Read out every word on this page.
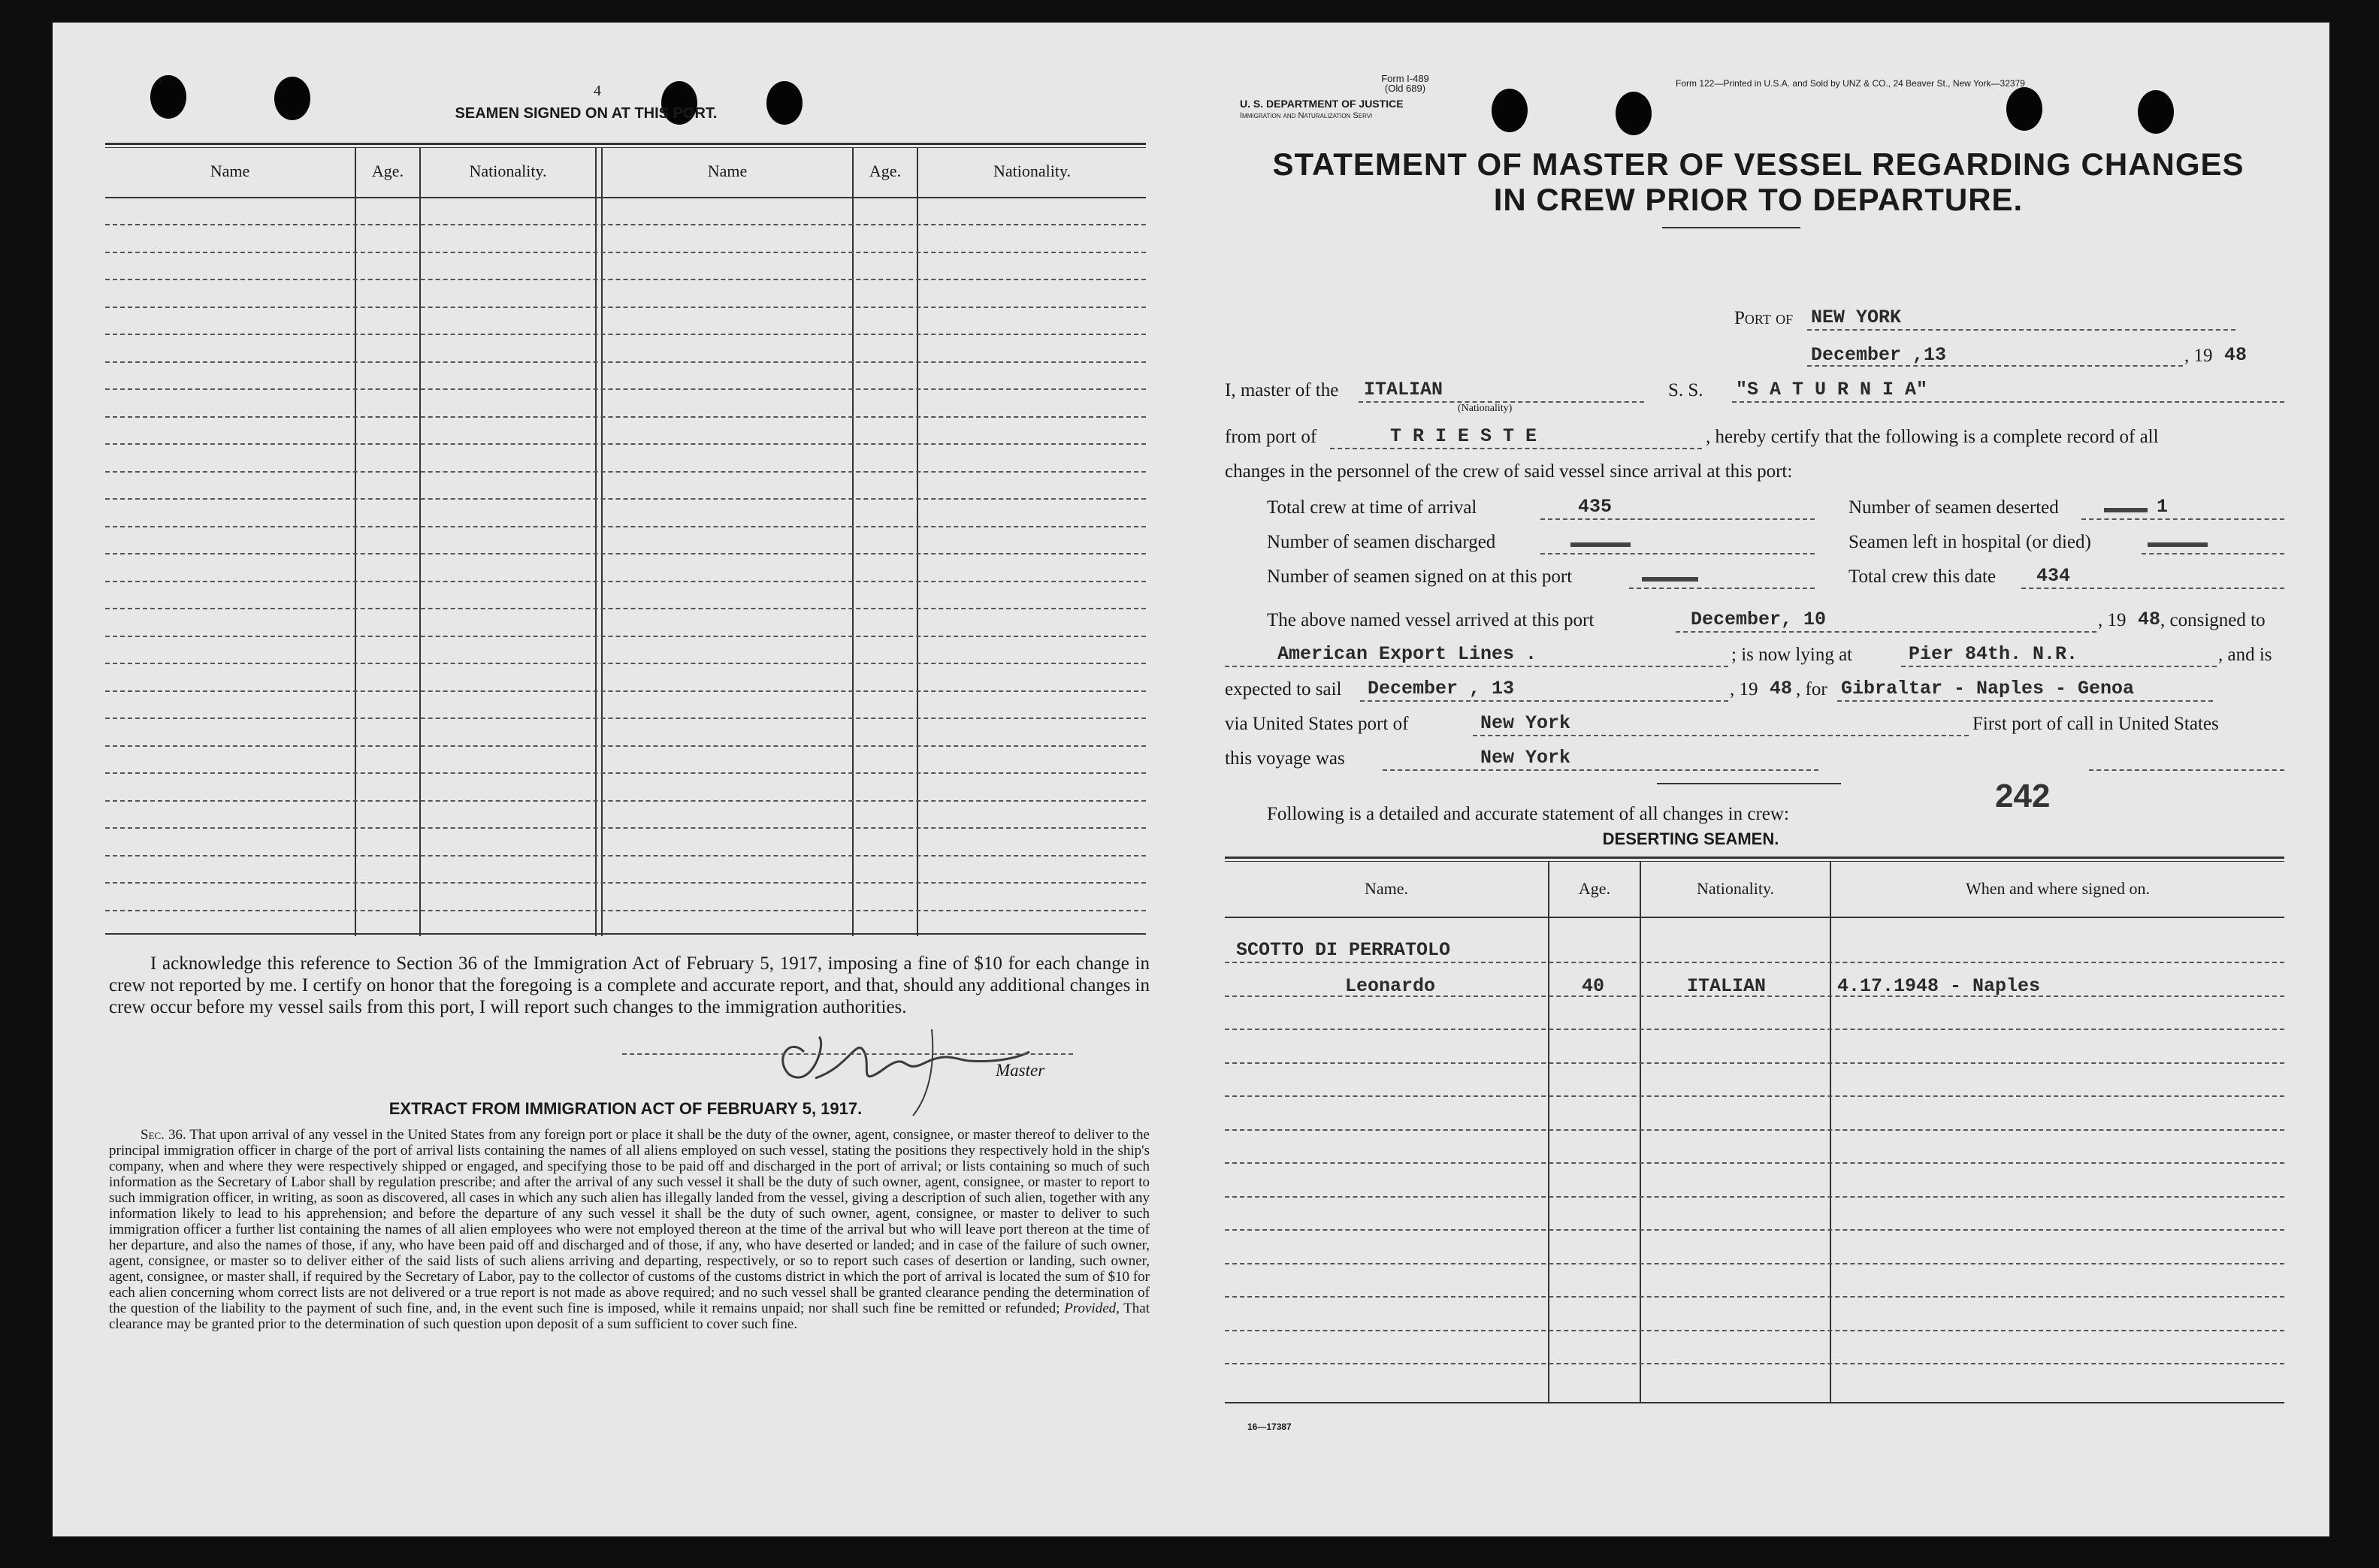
4
SEAMEN SIGNED ON AT THIS PORT.
Name	Age.	Nationality.	Name	Age.	Nationality.
I acknowledge this reference to Section 36 of the Immigration Act of February 5, 1917, imposing a fine of $10 for each change in crew not reported by me. I certify on honor that the foregoing is a complete and accurate report, and that, should any additional changes in crew occur before my vessel sails from this port, I will report such changes to the immigration authorities.
Master
EXTRACT FROM IMMIGRATION ACT OF FEBRUARY 5, 1917.
Sec. 36. That upon arrival of any vessel in the United States from any foreign port or place it shall be the duty of the owner, agent, consignee, or master thereof to deliver to the principal immigration officer in charge of the port of arrival lists containing the names of all aliens employed on such vessel, stating the positions they respectively hold in the ship's company, when and where they were respectively shipped or engaged, and specifying those to be paid off and discharged in the port of arrival; or lists containing so much of such information as the Secretary of Labor shall by regulation prescribe; and after the arrival of any such vessel it shall be the duty of such owner, agent, consignee, or master to report to such immigration officer, in writing, as soon as discovered, all cases in which any such alien has illegally landed from the vessel, giving a description of such alien, together with any information likely to lead to his apprehension; and before the departure of any such vessel it shall be the duty of such owner, agent, consignee, or master to deliver to such immigration officer a further list containing the names of all alien employees who were not employed thereon at the time of the arrival but who will leave port thereon at the time of her departure, and also the names of those, if any, who have been paid off and discharged and of those, if any, who have deserted or landed; and in case of the failure of such owner, agent, consignee, or master so to deliver either of the said lists of such aliens arriving and departing, respectively, or so to report such cases of desertion or landing, such owner, agent, consignee, or master shall, if required by the Secretary of Labor, pay to the collector of customs of the customs district in which the port of arrival is located the sum of $10 for each alien concerning whom correct lists are not delivered or a true report is not made as above required; and no such vessel shall be granted clearance pending the determination of the question of the liability to the payment of such fine, and, in the event such fine is imposed, while it remains unpaid; nor shall such fine be remitted or refunded; Provided, That clearance may be granted prior to the determination of such question upon deposit of a sum sufficient to cover such fine.
Form I-489
(Old 689)
U. S. DEPARTMENT OF JUSTICE
Immigration and Naturalization Servi
Form 122—Printed in U.S.A. and Sold by UNZ & CO., 24 Beaver St., New York—32379
STATEMENT OF MASTER OF VESSEL REGARDING CHANGES
IN CREW PRIOR TO DEPARTURE.
Port of NEW YORK
December ,13	, 19 48
I, master of the ITALIAN
(Nationality)
S. S. "S A T U R N I A"
from port of	T R I E S T E	, hereby certify that the following is a complete record of all
changes in the personnel of the crew of said vessel since arrival at this port:
Total crew at time of arrival	435	Number of seamen deserted	1
Number of seamen discharged	Seamen left in hospital (or died)
Number of seamen signed on at this port	Total crew this date 434
The above named vessel arrived at this port	December, 10	, 19 48 , consigned to
American Export Lines .	; is now lying at	Pier 84th. N.R.	, and is
expected to sail December , 13	, 19 48 , for Gibraltar - Naples - Genoa
via United States port of	New York	First port of call in United States
this voyage was	New York
242
Following is a detailed and accurate statement of all changes in crew:
DESERTING SEAMEN.
Name.	Age.	Nationality.	When and where signed on.
SCOTTO DI PERRATOLO
Leonardo	40	ITALIAN	4.17.1948 - Naples
16—17387
